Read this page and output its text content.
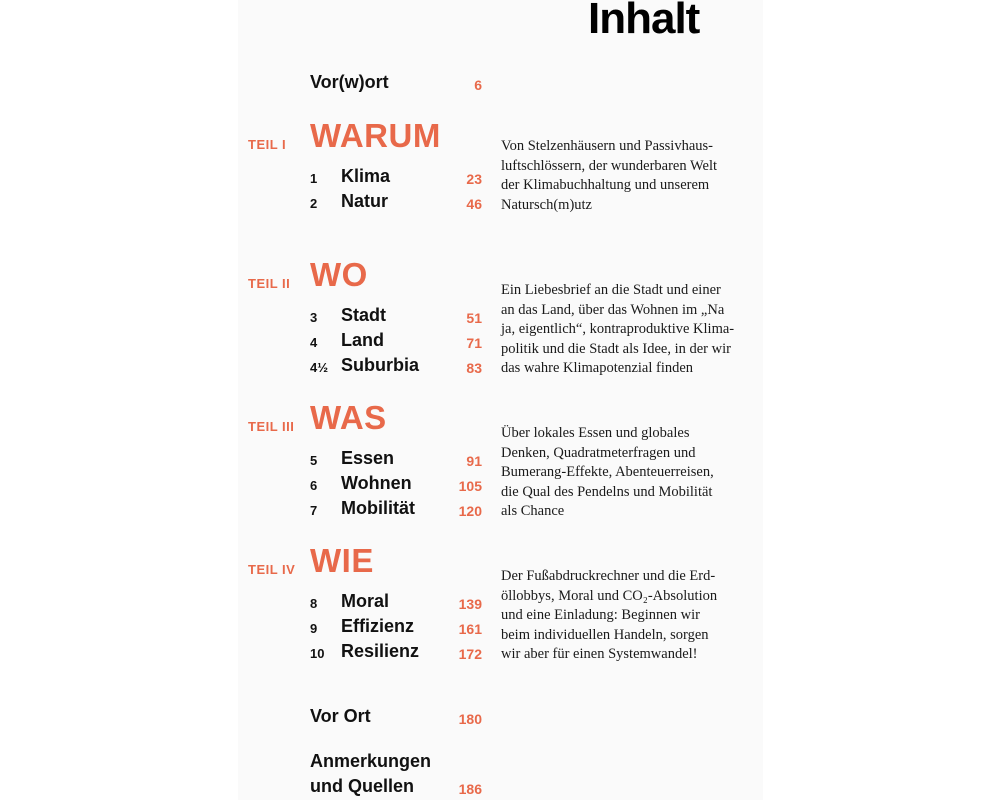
Inhalt
Vor(w)ort	6
TEIL I WARUM
1 Klima	23
2 Natur	46
Von Stelzenhäusern und Passivhaus-
luftschlössern, der wunderbaren Welt
der Klimabuchhaltung und unserem
Natursch(m)utz
TEIL II WO
3 Stadt	51
4 Land	71
4½ Suburbia	83
Ein Liebesbrief an die Stadt und einer
an das Land, über das Wohnen im „Na
ja, eigentlich“, kontraproduktive Klima-
politik und die Stadt als Idee, in der wir
das wahre Klimapotenzial finden
TEIL III WAS
5 Essen	91
6 Wohnen	105
7 Mobilität	120
Über lokales Essen und globales
Denken, Quadratmeterfragen und
Bumerang-Effekte, Abenteuerreisen,
die Qual des Pendelns und Mobilität
als Chance
TEIL IV WIE
8 Moral	139
9 Effizienz	161
10 Resilienz	172
Der Fußabdruckrechner und die Erd-
öllobbys, Moral und CO₂-Absolution
und eine Einladung: Beginnen wir
beim individuellen Handeln, sorgen
wir aber für einen Systemwandel!
Vor Ort	180
Anmerkungen
und Quellen	186
